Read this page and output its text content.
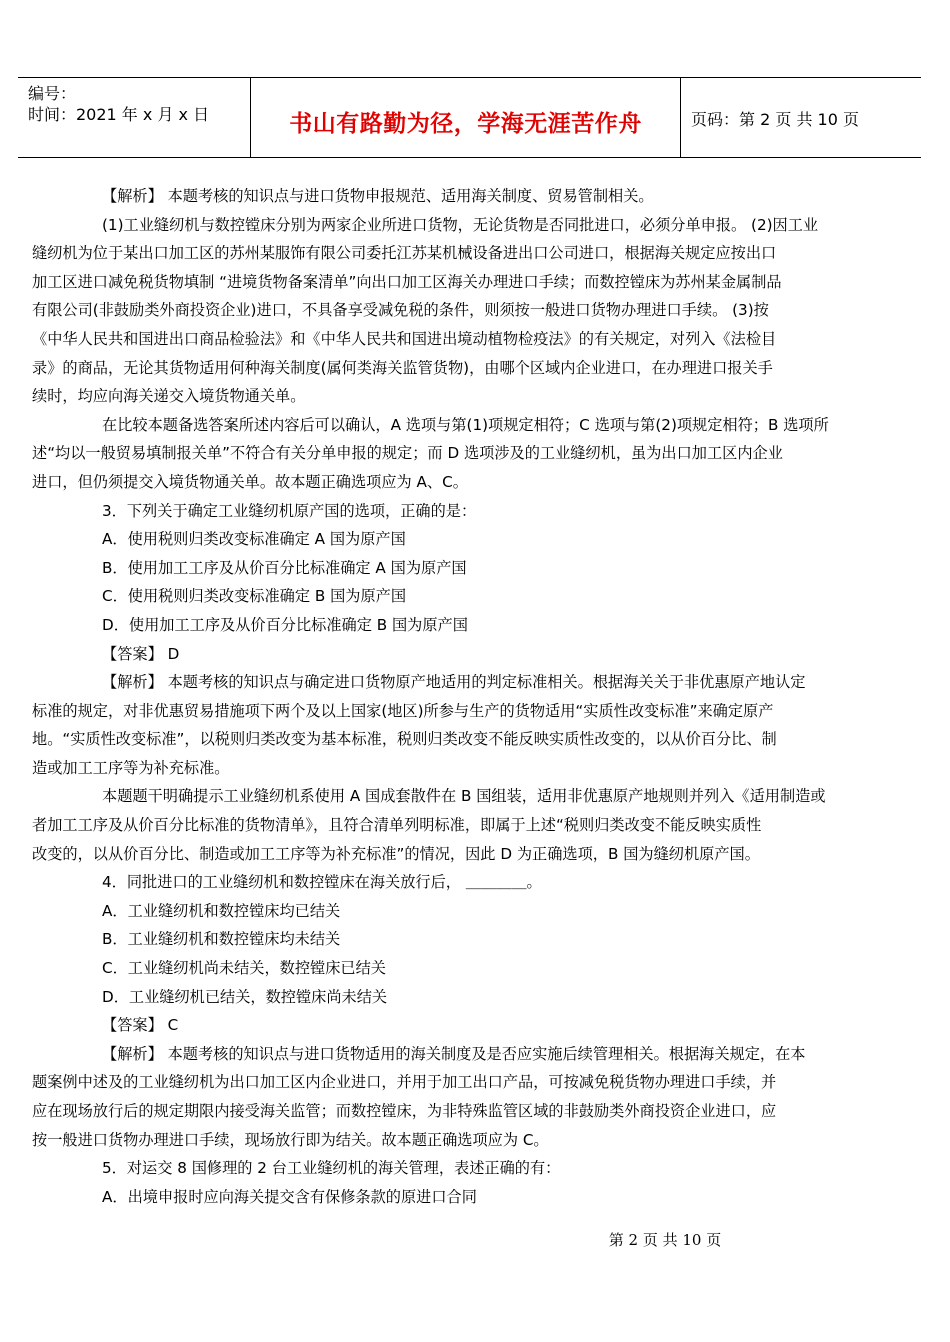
编号：
时间：2021 年 x 月 x 日	书山有路勤为径，学海无涯苦作舟	页码：第 2 页 共 10 页

【解析】 本题考核的知识点与进口货物申报规范、适用海关制度、贸易管制相关。

(1)工业缝纫机与数控镗床分别为两家企业所进口货物，无论货物是否同批进口，必须分单申报。 (2)因工业

缝纫机为位于某出口加工区的苏州某服饰有限公司委托江苏某机械设备进出口公司进口，根据海关规定应按出口

加工区进口减免税货物填制 “进境货物备案清单”向出口加工区海关办理进口手续；而数控镗床为苏州某金属制品

有限公司(非鼓励类外商投资企业)进口，不具备享受减免税的条件，则须按一般进口货物办理进口手续。 (3)按

《中华人民共和国进出口商品检验法》和《中华人民共和国进出境动植物检疫法》的有关规定，对列入《法检目

录》的商品，无论其货物适用何种海关制度(属何类海关监管货物)，由哪个区域内企业进口，在办理进口报关手

续时，均应向海关递交入境货物通关单。

在比较本题备选答案所述内容后可以确认，A 选项与第(1)项规定相符；C 选项与第(2)项规定相符；B 选项所

述“均以一般贸易填制报关单”不符合有关分单申报的规定；而 D 选项涉及的工业缝纫机，虽为出口加工区内企业

进口，但仍须提交入境货物通关单。故本题正确选项应为 A、C。

3．下列关于确定工业缝纫机原产国的选项，正确的是：

A．使用税则归类改变标准确定 A 国为原产国

B．使用加工工序及从价百分比标准确定 A 国为原产国

C．使用税则归类改变标准确定 B 国为原产国

D．使用加工工序及从价百分比标准确定 B 国为原产国

【答案】 D

【解析】 本题考核的知识点与确定进口货物原产地适用的判定标准相关。根据海关关于非优惠原产地认定

标准的规定，对非优惠贸易措施项下两个及以上国家(地区)所参与生产的货物适用“实质性改变标准”来确定原产

地。“实质性改变标准”，以税则归类改变为基本标准，税则归类改变不能反映实质性改变的，以从价百分比、制

造或加工工序等为补充标准。

本题题干明确提示工业缝纫机系使用 A 国成套散件在 B 国组装，适用非优惠原产地规则并列入《适用制造或

者加工工序及从价百分比标准的货物清单》，且符合清单列明标准，即属于上述“税则归类改变不能反映实质性

改变的，以从价百分比、制造或加工工序等为补充标准”的情况，因此 D 为正确选项，B 国为缝纫机原产国。

4．同批进口的工业缝纫机和数控镗床在海关放行后， ＿＿＿＿。

A．工业缝纫机和数控镗床均已结关

B．工业缝纫机和数控镗床均未结关

C．工业缝纫机尚未结关，数控镗床已结关

D．工业缝纫机已结关，数控镗床尚未结关

【答案】 C

【解析】 本题考核的知识点与进口货物适用的海关制度及是否应实施后续管理相关。根据海关规定，在本

题案例中述及的工业缝纫机为出口加工区内企业进口，并用于加工出口产品，可按减免税货物办理进口手续，并

应在现场放行后的规定期限内接受海关监管；而数控镗床，为非特殊监管区域的非鼓励类外商投资企业进口，应

按一般进口货物办理进口手续，现场放行即为结关。故本题正确选项应为 C。

5．对运交 8 国修理的 2 台工业缝纫机的海关管理，表述正确的有：

A．出境申报时应向海关提交含有保修条款的原进口合同

第 2 页 共 10 页
